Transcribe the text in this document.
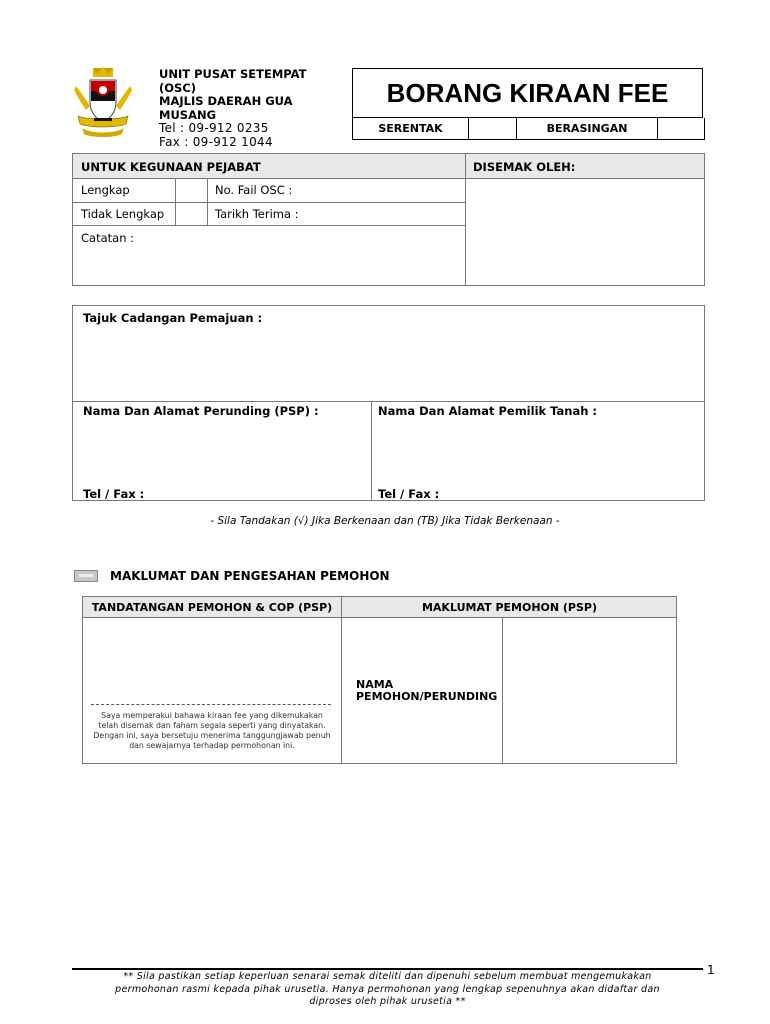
UNIT PUSAT SETEMPAT
(OSC)
MAJLIS DAERAH GUA
MUSANG
Tel : 09-912 0235
Fax : 09-912 1044
BORANG KIRAAN FEE
SERENTAK	BERASINGAN
UNTUK KEGUNAAN PEJABAT	DISEMAK OLEH:
Lengkap	No. Fail OSC :
Tidak Lengkap	Tarikh Terima :
Catatan :
Tajuk Cadangan Pemajuan :
Nama Dan Alamat Perunding (PSP) :	Nama Dan Alamat Pemilik Tanah :
Tel / Fax :	Tel / Fax :
- Sila Tandakan (√) Jika Berkenaan dan (TB) Jika Tidak Berkenaan -
MAKLUMAT DAN PENGESAHAN PEMOHON
TANDATANGAN PEMOHON & COP (PSP)	MAKLUMAT PEMOHON (PSP)
Saya memperakui bahawa kiraan fee yang dikemukakan
telah disemak dan faham segala seperti yang dinyatakan.
Dengan ini, saya bersetuju menerima tanggungjawab penuh
dan sewajarnya terhadap permohonan ini.
NAMA
PEMOHON/PERUNDING
1
** Sila pastikan setiap keperluan senarai semak diteliti dan dipenuhi sebelum membuat mengemukakan
permohonan rasmi kepada pihak urusetia. Hanya permohonan yang lengkap sepenuhnya akan didaftar dan
diproses oleh pihak urusetia **
